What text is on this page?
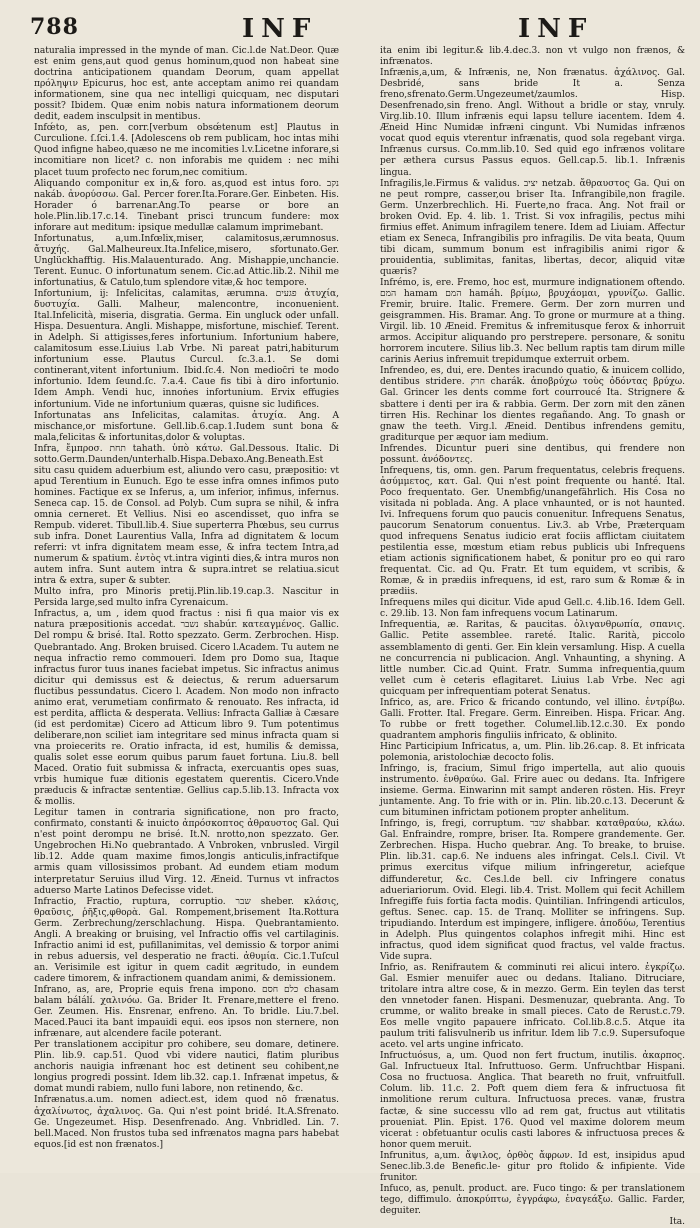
788	INF	INF

naturalia impressed in the mynde of man. Cic.l.de Nat.Deor. Quæ est enim gens,aut quod genus hominum,quod non habeat sine doctrina anticipationem quandam Deorum, quam appellat πρόληψιν Epicurus, hoc est, ante acceptam animo rei quandam informationem, sine qua nec intelligi quicquam, nec disputari possit? Ibidem. Quæ enim nobis natura informationem deorum dedit, eadem insculpsit in mentibus.

Infœ́to, as, pen. corr.[verbum obsœ́tenum est] Plautus in Curculione. ſ.ſci.1.4. [Adolescens ob rem publicam, hoc intas mihi Quod infigne habeo,quæso ne me incomities l.v.Licetne inforare,si incomitiare non licet? c. non inforabis me quidem : nec mihi placet tuum profecto nec forum,nec comitium.

Aliquando componitur ex in,& foro. as,quod est intus foro. נקב nakáb. ἀνορύσσω. Gal. Percer forer.Ita.Forare.Ger. Einbeten. His. Horader ó barrenar.Ang.To pearse or bore an hole.Plin.lib.17.c.14. Tinebant prisci truncum fundere: mox inforare aut meditum: ipsique medullæ calamum imprimebant.

Infortunatus, a,um.Infœlix,miser, calamitosus,ærumnosus. ἄτυχής. Gal.Malheureux.Ita.Infelice,misero, sfortunato.Ger. Unglückhafftig. His.Malauenturado. Ang. Mishappie,unchancie. Terent. Eunuc. O infortunatum senem. Cic.ad Attic.lib.2. Nihil me infortunatius, & Catulo,tum splendore vitæ,& hoc tempore.

Infortunium, ij: Infelicitas, calamitas, ærumna. פגעים ἀτυχία, δυστυχία. Galli. Malheur, malencontre, inconuenient. Ital.Infelicità, miseria, disgratia. Germa. Ein ungluck oder unfall. Hispa. Desuentura. Angli. Mishappe, misfortune, mischief. Terent. in Adelph. Si attigisses,feres infortunium. Infortunium habere, calamitosum esse.Liuius l.ab Vrbe. Ni pareat patri,habiturum infortunium esse. Plautus Curcul. ſc.3.a.1. Se domi continerant,vitent infortunium. Ibid.ſc.4. Non medioc̄ri te modo infortunio. Idem ſeund.ſc. 7.a.4. Caue fis tibi à diro infortunio. Idem Amph. Vendi huc, innoṅes infortunium. Ervix effugies infortunium. Vide ne infortunium quæras, quisne sic ludifices.

Infortunatas ans Infelicitas, calamitas. ἀτυχία. Ang. A mischance,or misfortune. Gell.lib.6.cap.1.Iudem sunt bona & mala,felicitas & infortunitas,dolor & voluptas.

Infra, ἔμπροσ. תחת tahath. ὑπὸ κάτω. Gal.Dessous. Italic. Di sotto.Germ.Daunden/unterhalb.Hispa.Debaxo.Ang.Beneath.Est situ casu quidem aduerbium est, aliundo vero casu, præpositio: vt apud Terentium in Eunuch. Ego te esse infra omnes infimos puto homines. Factique ex se Inferus, a, um inferior, infimus, infernus. Seneca cap. 15. de Consol. ad Polyb. Cum supra se nihil, & infra omnia cerneret. Et Vellius. Nisi eo ascendisset, quo infra se Rempub. videret. Tibull.lib.4. Siue superterra Phœbus, seu currus sub infra. Donet Laurentius Valla, Infra ad dignitatem & locum referri: vt infra dignitatem meam esse, & infra tectem Intra,ad numerum & spatium. ἐντὸς vt.intra viginti dies,& intra muros non autem infra. Sunt autem intra & supra.intret se relatiua.sicut intra & extra, super & subter.

Multo infra, pro Minoris pretij.Plin.lib.19.cap.3. Nascitur in Persida large,sed multo infra Cyrenaicum.

Infractus, a, um , idem quod fractus : nisi fi qua maior vis ex natura præpositionis accedat. נשבר shabúr. κατεαγμένος. Gallic. Del rompu & brisé. Ital. Rotto spezzato. Germ. Zerbrochen. Hisp. Quebrantado. Ang. Broken bruised. Cicero l.Academ. Tu autem ne nequa infractio remo commoueri. Idem pro Domo sua, Itaque infractus furor tuus inanes faciebat impetus. Sic infractus animus dicitur qui demissus est & deiectus, & rerum aduersarum fluctibus pessundatus. Cicero l. Academ. Non modo non infracto animo erat, verumetiam confirmato & renouato. Res infracta, id est perdita, afflicta & desperata. Vellius: Infracta Galliæ à Cæsare (id est perdomitæ) Cicero ad Atticum libro 9. Tum potentimus deliberare,non sciliet iam integritare sed minus infracta quam si vna proiecerits re. Oratio infracta, id est, humilis & demissa, qualis solet esse eorum quibus parum fauet fortuna. Liu.8. bell Maced. Oratio fuit submissa & infracta, exercuantis opes suas, vrbis humique fuæ ditionis egestatem querentis. Cicero.Vnde præducis & infractæ sententiæ. Gellius cap.5.lib.13. Infracta vox & mollis.

Legitur tamen in contraria significatione, non pro fracto, confirmato, constanti & inuicto ἀπρόσκοπτος ἀθραυστος Gal. Qui n'est point derompu ne brisé. It.N. nrotto,non spezzato. Ger. Ungebrochen Hi.No quebrantado. A Vnbroken, vnbrusled. Virgil lib.12. Adde quam maxime fimos,longis anticulis,infractifque armis quam villosissimos probant. Ad eundem etiam modum interpretatur Seruius illud Virg. 12. Æneid. Turnus vt infractos aduerso Marte Latinos Defecisse videt.

Infractio, Fractio, ruptura, corruptio. שבר sheber. κλάσις, θραῦσις, ῥῆξις,φθορὰ. Gal. Rompement,brisement Ita.Rottura Germ. Zerbrechung/zerschlachung. Hispa. Quebrantamiento. Angli. A breaking or bruising, vel Infractio offis vel cartilaginis. Infractio animi id est, pufillanimitas, vel demissio & torpor animi in rebus aduersis, vel desperatio ne fracti. ἀθυμία. Cic.1.Tuſcul an. Verisimile est igitur in quem cadit ægritudo, in eundem cadere timorem, & infractionem quandam animi, & demissionem.

Infrano, as, are, Proprie equis frena impono. כלם חסם chasam balam bálálí. χαλινόω. Ga. Brider It. Frenare,mettere el freno. Ger. Zeumen. His. Ensrenar, enfreno. An. To bridle. Liu.7.bel. Maced.Pauci ita bant impauidi equi. eos ipsos non sternere, non infrænare, aut alcendere facile poterant.

Per translationem accipitur pro cohibere, seu domare, detinere. Plin. lib.9. cap.51. Quod vbi videre nautici, flatim pluribus anchoris nauigia infrænant hoc est detinent seu cohibent,ne longius progredi possint. Idem lib.32. cap.1. Infrænat impetus, & domat mundi rabiem, nullo funi labore, non retinendo, &c.

Infrænatus.a.um. nomen adiect.est, idem quod nō frænatus. ἀχαλίνωτος, ἀχαλινος. Ga. Qui n'est point bridé. It.A.Sfrenato. Ge. Ungezeumet. Hisp. Desenfrenado. Ang. Vnbridled. Lin. 7. bell.Maced. Non frustos tuba sed infrænatos magna pars habebat equos.[id est non frænatos.]

ita enim ibi legitur.& lib.4.dec.3. non vt vulgo non frænos, & infrænatos.

Infrænis,a,um, & Infrænis, ne, Non frænatus. ἀχάλινος. Gal. Desbridé, sans bride It a. Senza freno,sfrenato.Germ.Ungezeumet/zaumlos. Hisp. Desenfrenado,sin freno. Angl. Without a bridle or stay, vnruly. Virg.lib.10. Illum infrænis equi lapsu tellure iacentem. Idem 4. Æneid Hinc Numidæ infræni cingunt. Vbi Numidas infrænos vocat quod equis vterentur infrænatis, quod sola regebant virga. Infrænus cursus. Co.mm.lib.10. Sed quid ego infrænos volitare per æthera cursus Passus equos. Gell.cap.5. lib.1. Infrænis lingua.

Infragilis,le.Firmus & validus. יציב netzab. ἄθραυστος Ga. Qui on ne peut rompre, casser,ou briser Ita. Infrangibile,non fragile. Germ. Unzerbrechlich. Hi. Fuerte,no fraca. Ang. Not frail or broken Ovid. Ep. 4. lib. 1. Trist. Si vox infragilis, pectus mihi firmius effet. Animum infragilem tenere. Idem ad Liuiam. Affectur etiam ex Seneca, Infrangibilis pro infragilis. De vita beata, Quum tibi dicam, summum bonum est infragibilis animi rigor & prouidentia, sublimitas, fanitas, libertas, decor, aliquid vitæ quæris?

Infrémo, is, ere. Fremo, hoc est, murmure indignationem oftendo. המם hamam המם hamáh. βρίμω, βρυχάομαι, γρυνίζω. Gallic. Fremir, bruire. Italic. Fremere. Germ. Der zorn murren und geisgrammen. His. Bramar. Ang. To grone or murmure at a thing. Virgil. lib. 10 Æneid. Fremitus & infremitusque ferox & inhorruit armos. Accipitur aliquando pro perstrepere. personare, & sonitu horrorem incutere. Silius lib.3. Nec bellum raptis tam dirum mille carinis Aerius infremuit trepidumque exterruit orbem.

Infrendeo, es, dui, ere. Dentes iracundo quatio, & inuicem collido, dentibus stridere. חרק charák. ἀποβρύχω τοὺς ὀδόντας βρύχω. Gal. Grincer les dents comme fort courroucé Ita. Strignere & sbattere i denti per ira & rabbia. Germ. Der zorn mit den zänen tirren His. Rechinar los dientes regañando. Ang. To gnash or gnaw the teeth. Virg.l. Æneid. Dentibus infrendens gemitu, graditurque per æquor iam medium.

Infrendes. Dicuntur pueri sine dentibus, qui frendere non possunt. ἀνόδοντες.

Infrequens, tis, omn. gen. Parum frequentatus, celebris frequens. ἀσύμμετος, κατ. Gal. Qui n'est point frequente ou hanté. Ital. Poco frequentato. Ger. Unembfig/unangefährlich. His Cosa no visitada ni poblada. Ang. A place vnhaunted, or is not haunted. Ivi. Infrequens forum quo paucis conuenitur. Infrequens Senatus, paucorum Senatorum conuentus. Liv.3. ab Vrbe, Præterquam quod infrequens Senatus iudicio erat fociis afflictam ciuitatem pestilentia esse, mœstum etiam rebus publicis ubi Infrequens etiam actionis significationem habet, & ponitur pro eo qui raro frequentat. Cic. ad Qu. Fratr. Et tum equidem, vt scribis, & Romæ, & in prædiis infrequens, id est, raro sum & Romæ & in prædiis.

Infrequens miles qui dicitur. Vide apud Gell.c. 4.lib.16. Idem Gell. c. 29.lib. 13. Non fam infrequens vocum Latinarum.

Infrequentia, æ. Raritas, & paucitas. ὀλιγανθρωπία, σπανις. Gallic. Petite assemblee. rareté. Italic. Rarità, piccolo assemblamento di genti. Ger. Ein klein versamlung. Hisp. A cuella ne concurrencia ni publicacion. Angl. Vnhaunting, a shyning. A little number. Cic.ad Quint. Fratr. Summa infrequentia,quum vellet cum è ceteris eflagitaret. Liuius l.ab Vrbe. Nec agi quicquam per infrequentiam poterat Senatus.

Infrico, as, are. Frico & fricando contundo, vel illino. ἐντρίβω. Galli. Frotter. Ital. Fregare. Germ. Einreiben. Hispa. Fricar. Ang. To rubbe or frett together. Columel.lib.12.c.30. Ex pondo quadrantem amphoris finguliis infricato, & oblinito.

Hinc Participium Infricatus, a, um. Plin. lib.26.cap. 8. Et infricata polemonia, aristolochiæ decocto folis.

Infringo, is, fracium, Simul frigo impertella, aut alio quouis instrumento. ἐνθραύω. Gal. Frire auec ou dedans. Ita. Infrigere insieme. Germa. Einwarinn mit sampt anderen rösten. His. Freyr juntamente. Ang. To frie with or in. Plin. lib.20.c.13. Decerunt & cum bituminen infrictam potionem propter anhelitum.

Infringo, is, fregi, corruptum. שבר shabbar. καταθραύω, κλάω. Gal. Enfraindre, rompre, briser. Ita. Rompere grandemente. Ger. Zerbrechen. Hispa. Hucho quebrar. Ang. To breake, to bruise. Plin. lib.31. cap.6. Ne induens ales infringat. Cels.l. Civil. Vt primus exercitus vifque milium infringeretur, aciefque diffunderetur, &c. Ces.l.de bell. civ Infringere conatus adueriariorum. Ovid. Elegi. lib.4. Trist. Mollem qui fecit Achillem Infregiffe fuis fortia facta modis. Quintilian. Infringendi articulos, geftus. Senec. cap. 15. de Tranq. Molliter se infringens. Sup. tripudiando. Interdum est impingere, infligere. ἀποδύω, Terentius in Adelph. Plus quingentos colaphos infregit mihi. Hinc est infractus, quod idem significat quod fractus, vel valde fractus. Vide supra.

Infrio, as. Renifrautem & comminuti rei alicui intero. ἐγκρίζω. Gal. Esmier menuifer auec ou dedans. Italiano. Ditruciare, tritolare intra altre cose, & in mezzo. Germ. Ein teylen das terst den vnnetoder fanen. Hispani. Desmenuzar, quebranta. Ang. To crumme, or walito breake in small pieces. Cato de Rerust.c.79. Eos melle vngito papauere infricato. Col.lib.8.c.5. Atque ita paulum triti falisvulnerib us infritur. Idem lib 7.c.9. Supersufoque aceto. vel arts ungine infricato.

Infructuósus, a, um. Quod non fert fructum, inutilis. ἀκαρπος. Gal. Infructueux Ital. Infruttuoso. Germ. Unfruchtbar Hispani. Cosa no fructuosa. Anglica. That beareth no fruit, vnfruitfull. Colum. lib. 11.c. 2. Poft quem diem fera & infructuosa fit inmolitione rerum cultura. Infructuosa preces. vanæ, frustra factæ, & sine successu vllo ad rem gat, fructus aut vtilitatis proueniat. Plin. Epist. 176. Quod vel maxime dolorem meum vicerat : obfetuantur oculis casti labores & infructuosa preces & honor quem meruit.

Infrunitus, a,um. ἄψιλος, ὀρθὸς ἄφρων. Id est, insipidus apud Senec.lib.3.de Benefic.le- gitur pro ftolido & infipiente. Vide frunitor.

Infuco, as, penult. product. are. Fuco tingo: & per translationem tego, diffimulo. ἀποκρύπτω, ἐγγράφω, ἐναγεάξω. Gallic. Farder, deguiter.

Ita.
